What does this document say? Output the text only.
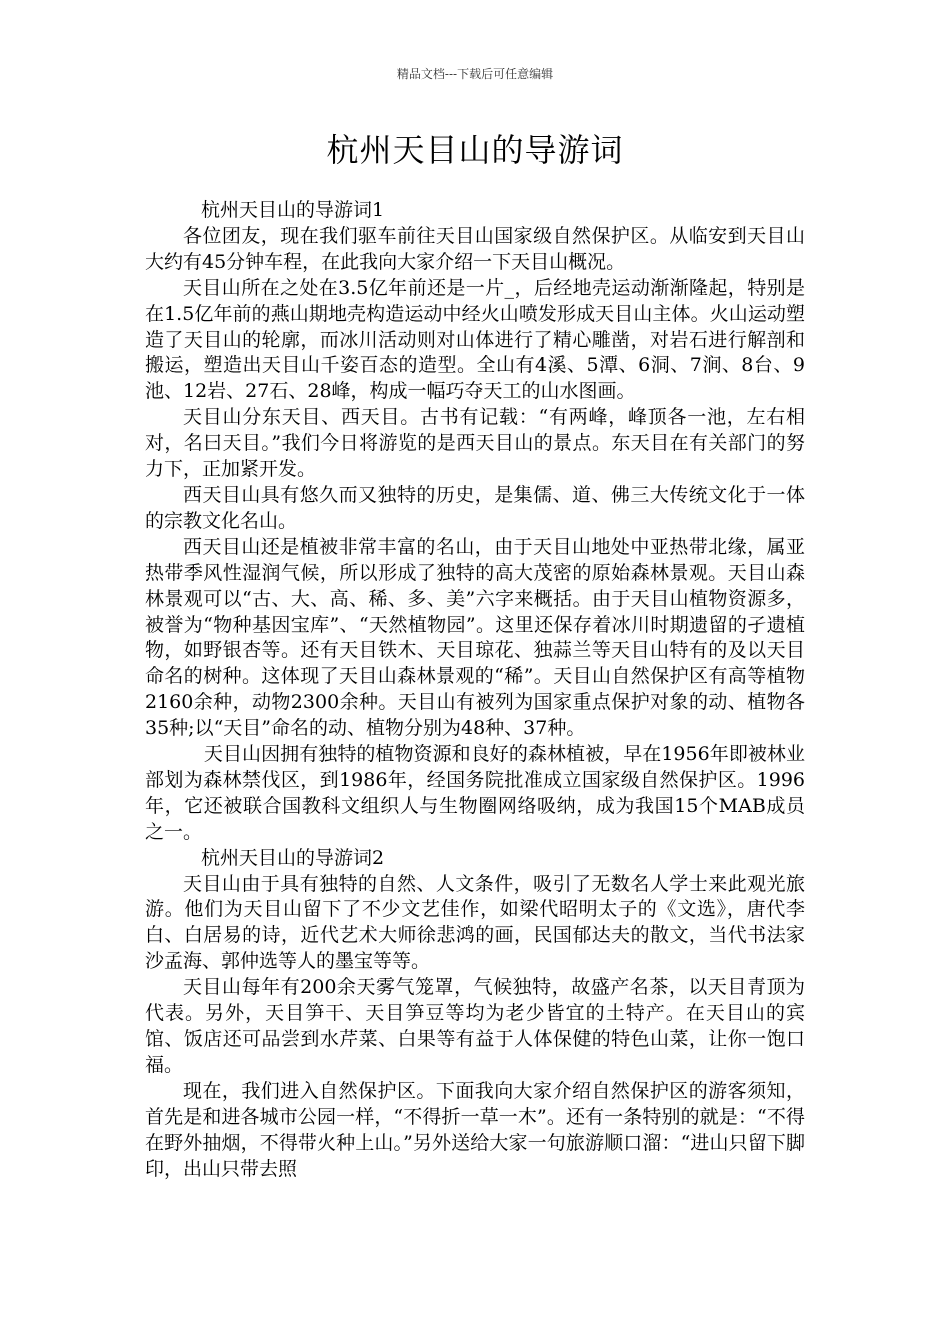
精品文档---下载后可任意编辑
杭州天目山的导游词

杭州天目山的导游词1

各位团友，现在我们驱车前往天目山国家级自然保护区。从临安到天目山大约有45分钟车程，在此我向大家介绍一下天目山概况。

天目山所在之处在3.5亿年前还是一片_，后经地壳运动渐渐隆起，特别是在1.5亿年前的燕山期地壳构造运动中经火山喷发形成天目山主体。火山运动塑造了天目山的轮廓，而冰川活动则对山体进行了精心雕凿，对岩石进行解剖和搬运，塑造出天目山千姿百态的造型。全山有4溪、5潭、6洞、7涧、8台、9池、12岩、27石、28峰，构成一幅巧夺天工的山水图画。

天目山分东天目、西天目。古书有记载：“有两峰，峰顶各一池，左右相对，名曰天目。”我们今日将游览的是西天目山的景点。东天目在有关部门的努力下，正加紧开发。

西天目山具有悠久而又独特的历史，是集儒、道、佛三大传统文化于一体的宗教文化名山。

西天目山还是植被非常丰富的名山，由于天目山地处中亚热带北缘，属亚热带季风性湿润气候，所以形成了独特的高大茂密的原始森林景观。天目山森林景观可以“古、大、高、稀、多、美”六字来概括。由于天目山植物资源多，被誉为“物种基因宝库”、“天然植物园”。这里还保存着冰川时期遗留的孑遗植物，如野银杏等。还有天目铁木、天目琼花、独蒜兰等天目山特有的及以天目命名的树种。这体现了天目山森林景观的“稀”。天目山自然保护区有高等植物2160余种，动物2300余种。天目山有被列为国家重点保护对象的动、植物各35种;以“天目”命名的动、植物分别为48种、37种。

天目山因拥有独特的植物资源和良好的森林植被，早在1956年即被林业部划为森林禁伐区，到1986年，经国务院批准成立国家级自然保护区。1996年，它还被联合国教科文组织人与生物圈网络吸纳，成为我国15个MAB成员之一。

杭州天目山的导游词2

天目山由于具有独特的自然、人文条件，吸引了无数名人学士来此观光旅游。他们为天目山留下了不少文艺佳作，如梁代昭明太子的《文选》，唐代李白、白居易的诗，近代艺术大师徐悲鸿的画，民国郁达夫的散文，当代书法家沙孟海、郭仲选等人的墨宝等等。

天目山每年有200余天雾气笼罩，气候独特，故盛产名茶，以天目青顶为代表。另外，天目笋干、天目笋豆等均为老少皆宜的土特产。在天目山的宾馆、饭店还可品尝到水芹菜、白果等有益于人体保健的特色山菜，让你一饱口福。

现在，我们进入自然保护区。下面我向大家介绍自然保护区的游客须知，首先是和进各城市公园一样，“不得折一草一木”。还有一条特别的就是：“不得在野外抽烟，不得带火种上山。”另外送给大家一句旅游顺口溜：“进山只留下脚印，出山只带去照
